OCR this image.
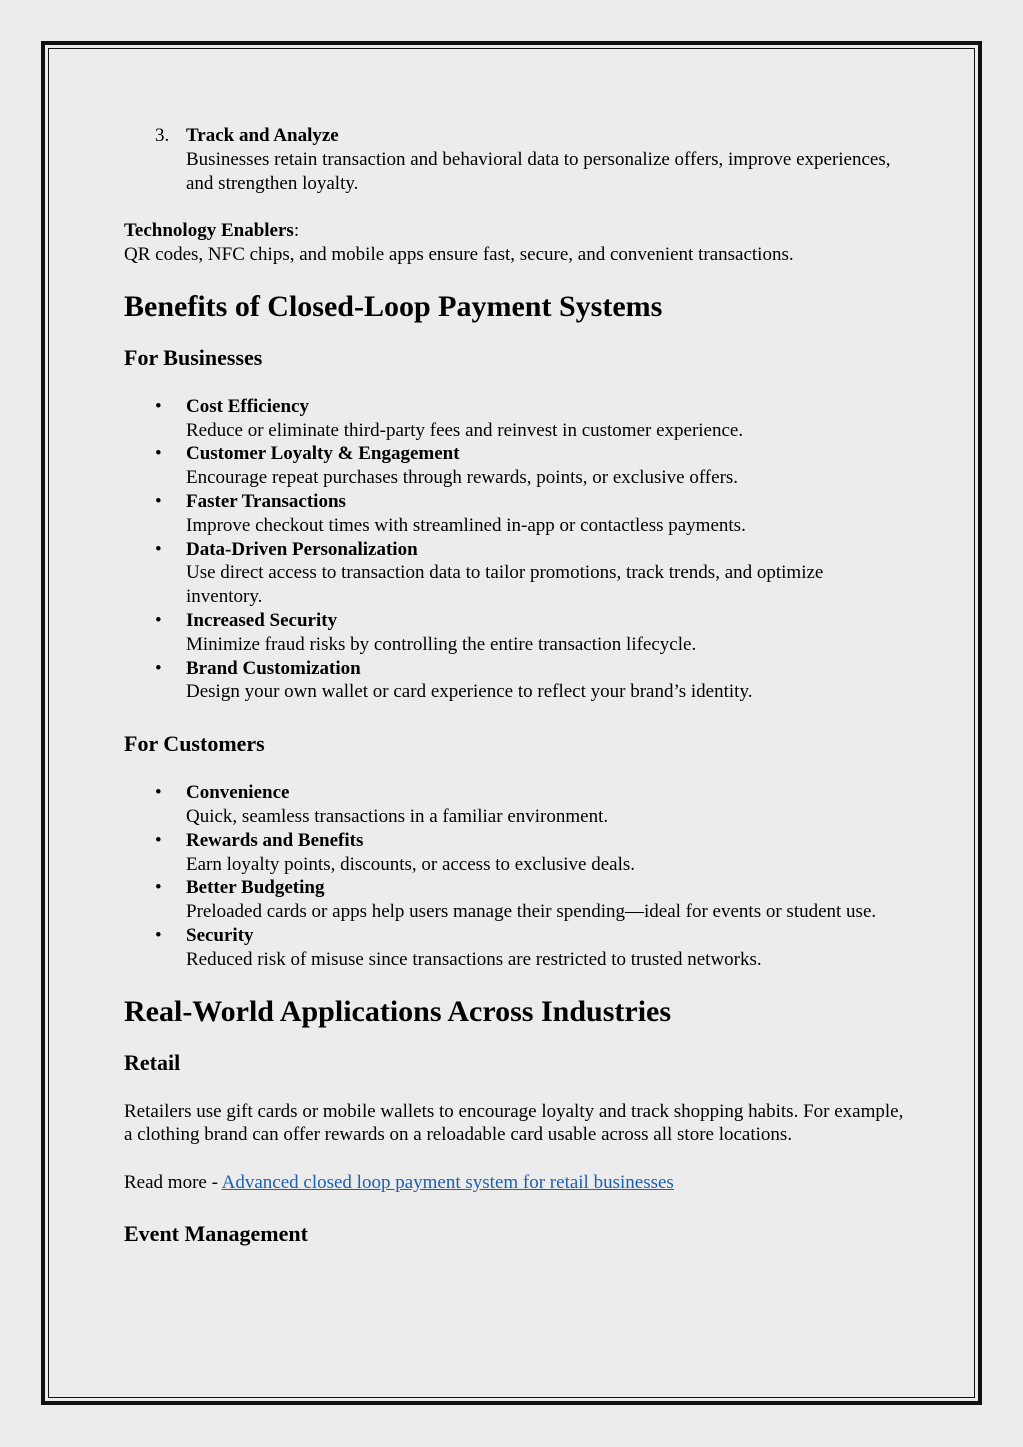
3. Track and Analyze
Businesses retain transaction and behavioral data to personalize offers, improve experiences, and strengthen loyalty.
Technology Enablers:
QR codes, NFC chips, and mobile apps ensure fast, secure, and convenient transactions.
Benefits of Closed-Loop Payment Systems
For Businesses
• Cost Efficiency
Reduce or eliminate third-party fees and reinvest in customer experience.
• Customer Loyalty & Engagement
Encourage repeat purchases through rewards, points, or exclusive offers.
• Faster Transactions
Improve checkout times with streamlined in-app or contactless payments.
• Data-Driven Personalization
Use direct access to transaction data to tailor promotions, track trends, and optimize inventory.
• Increased Security
Minimize fraud risks by controlling the entire transaction lifecycle.
• Brand Customization
Design your own wallet or card experience to reflect your brand’s identity.
For Customers
• Convenience
Quick, seamless transactions in a familiar environment.
• Rewards and Benefits
Earn loyalty points, discounts, or access to exclusive deals.
• Better Budgeting
Preloaded cards or apps help users manage their spending—ideal for events or student use.
• Security
Reduced risk of misuse since transactions are restricted to trusted networks.
Real-World Applications Across Industries
Retail
Retailers use gift cards or mobile wallets to encourage loyalty and track shopping habits. For example, a clothing brand can offer rewards on a reloadable card usable across all store locations.
Read more - Advanced closed loop payment system for retail businesses
Event Management
